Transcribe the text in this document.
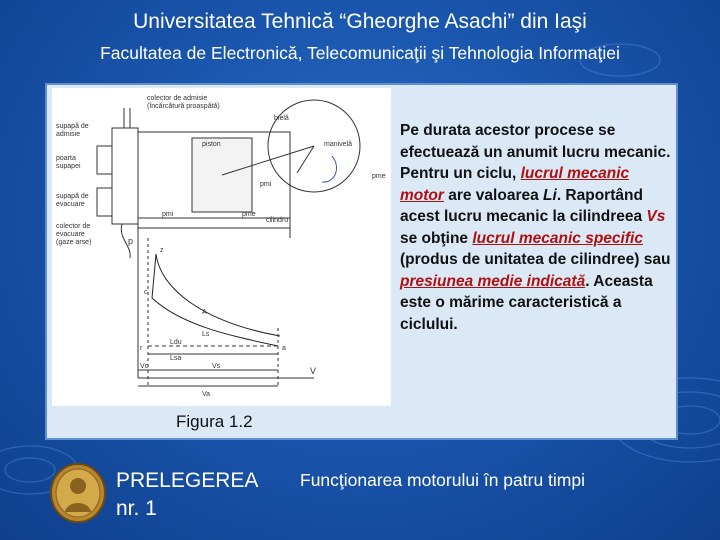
Universitatea Tehnică “Gheorghe Asachi” din Iaşi
Facultatea de Electronică, Telecomunicaţii şi Tehnologia Informaţiei
colector de admisie
(încărcătură proaspătă)
supapă de
admisie
poarta
supapei
supapă de
evacuare
colector de
evacuare
(gaze arse)
bielă
manivelă
piston
pmi
pme
cilindru
pmi	pme
p
V
z
c
A
r	a
Ls
Ldu
Lsa
Vc	Vs
Va
Pe durata acestor procese se efectuează un anumit lucru mecanic. Pentru un ciclu, lucrul mecanic motor are valoarea Li. Raportând acest lucru mecanic la cilindreea Vs se obţine lucrul mecanic specific (produs de unitatea de cilindree) sau presiunea medie indicată. Aceasta este o mărime caracteristică a ciclului.
Figura 1.2
PRELEGEREA
nr. 1
Funcţionarea motorului în patru timpi
